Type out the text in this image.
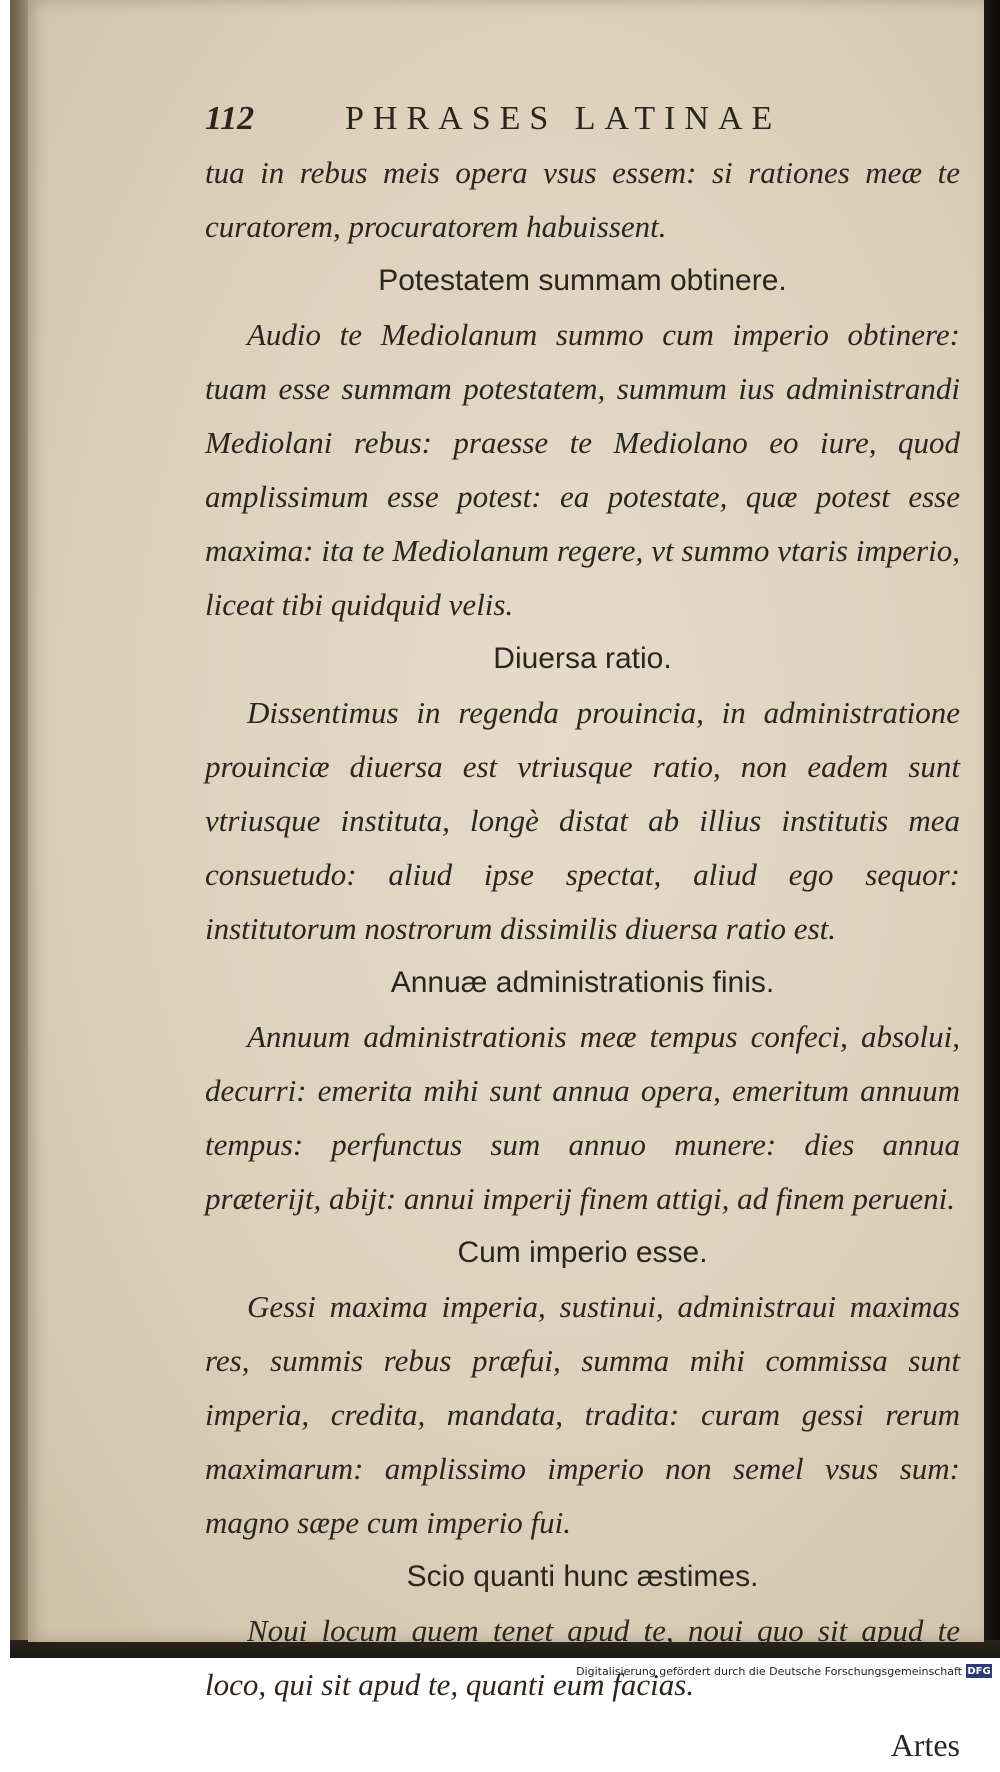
112	PHRASES LATINAE
tua in rebus meis opera vsus essem: si rationes meæ te curatorem, procuratorem habuissent.
Potestatem summam obtinere.
Audio te Mediolanum summo cum imperio obtinere: tuam esse summam potestatem, summum ius administrandi Mediolani rebus: praesse te Mediolano eo iure, quod amplissimum esse potest: ea potestate, quæ potest esse maxima: ita te Mediolanum regere, vt summo vtaris imperio, liceat tibi quidquid velis.
Diuersa ratio.
Dissentimus in regenda prouincia, in administratione prouinciæ diuersa est vtriusque ratio, non eadem sunt vtriusque instituta, longè distat ab illius institutis mea consuetudo: aliud ipse spectat, aliud ego sequor: institutorum nostrorum dissimilis diuersa ratio est.
Annuæ administrationis finis.
Annuum administrationis meæ tempus confeci, absolui, decurri: emerita mihi sunt annua opera, emeritum annuum tempus: perfunctus sum annuo munere: dies annua præterijt, abijt: annui imperij finem attigi, ad finem perueni.
Cum imperio esse.
Gessi maxima imperia, sustinui, administraui maximas res, summis rebus præfui, summa mihi commissa sunt imperia, credita, mandata, tradita: curam gessi rerum maximarum: amplissimo imperio non semel vsus sum: magno sæpe cum imperio fui.
Scio quanti hunc æstimes.
Noui locum quem tenet apud te, noui quo sit apud te loco, qui sit apud te, quanti eum facias.
Artes
Digitalisierung gefördert durch die Deutsche Forschungsgemeinschaft DFG
